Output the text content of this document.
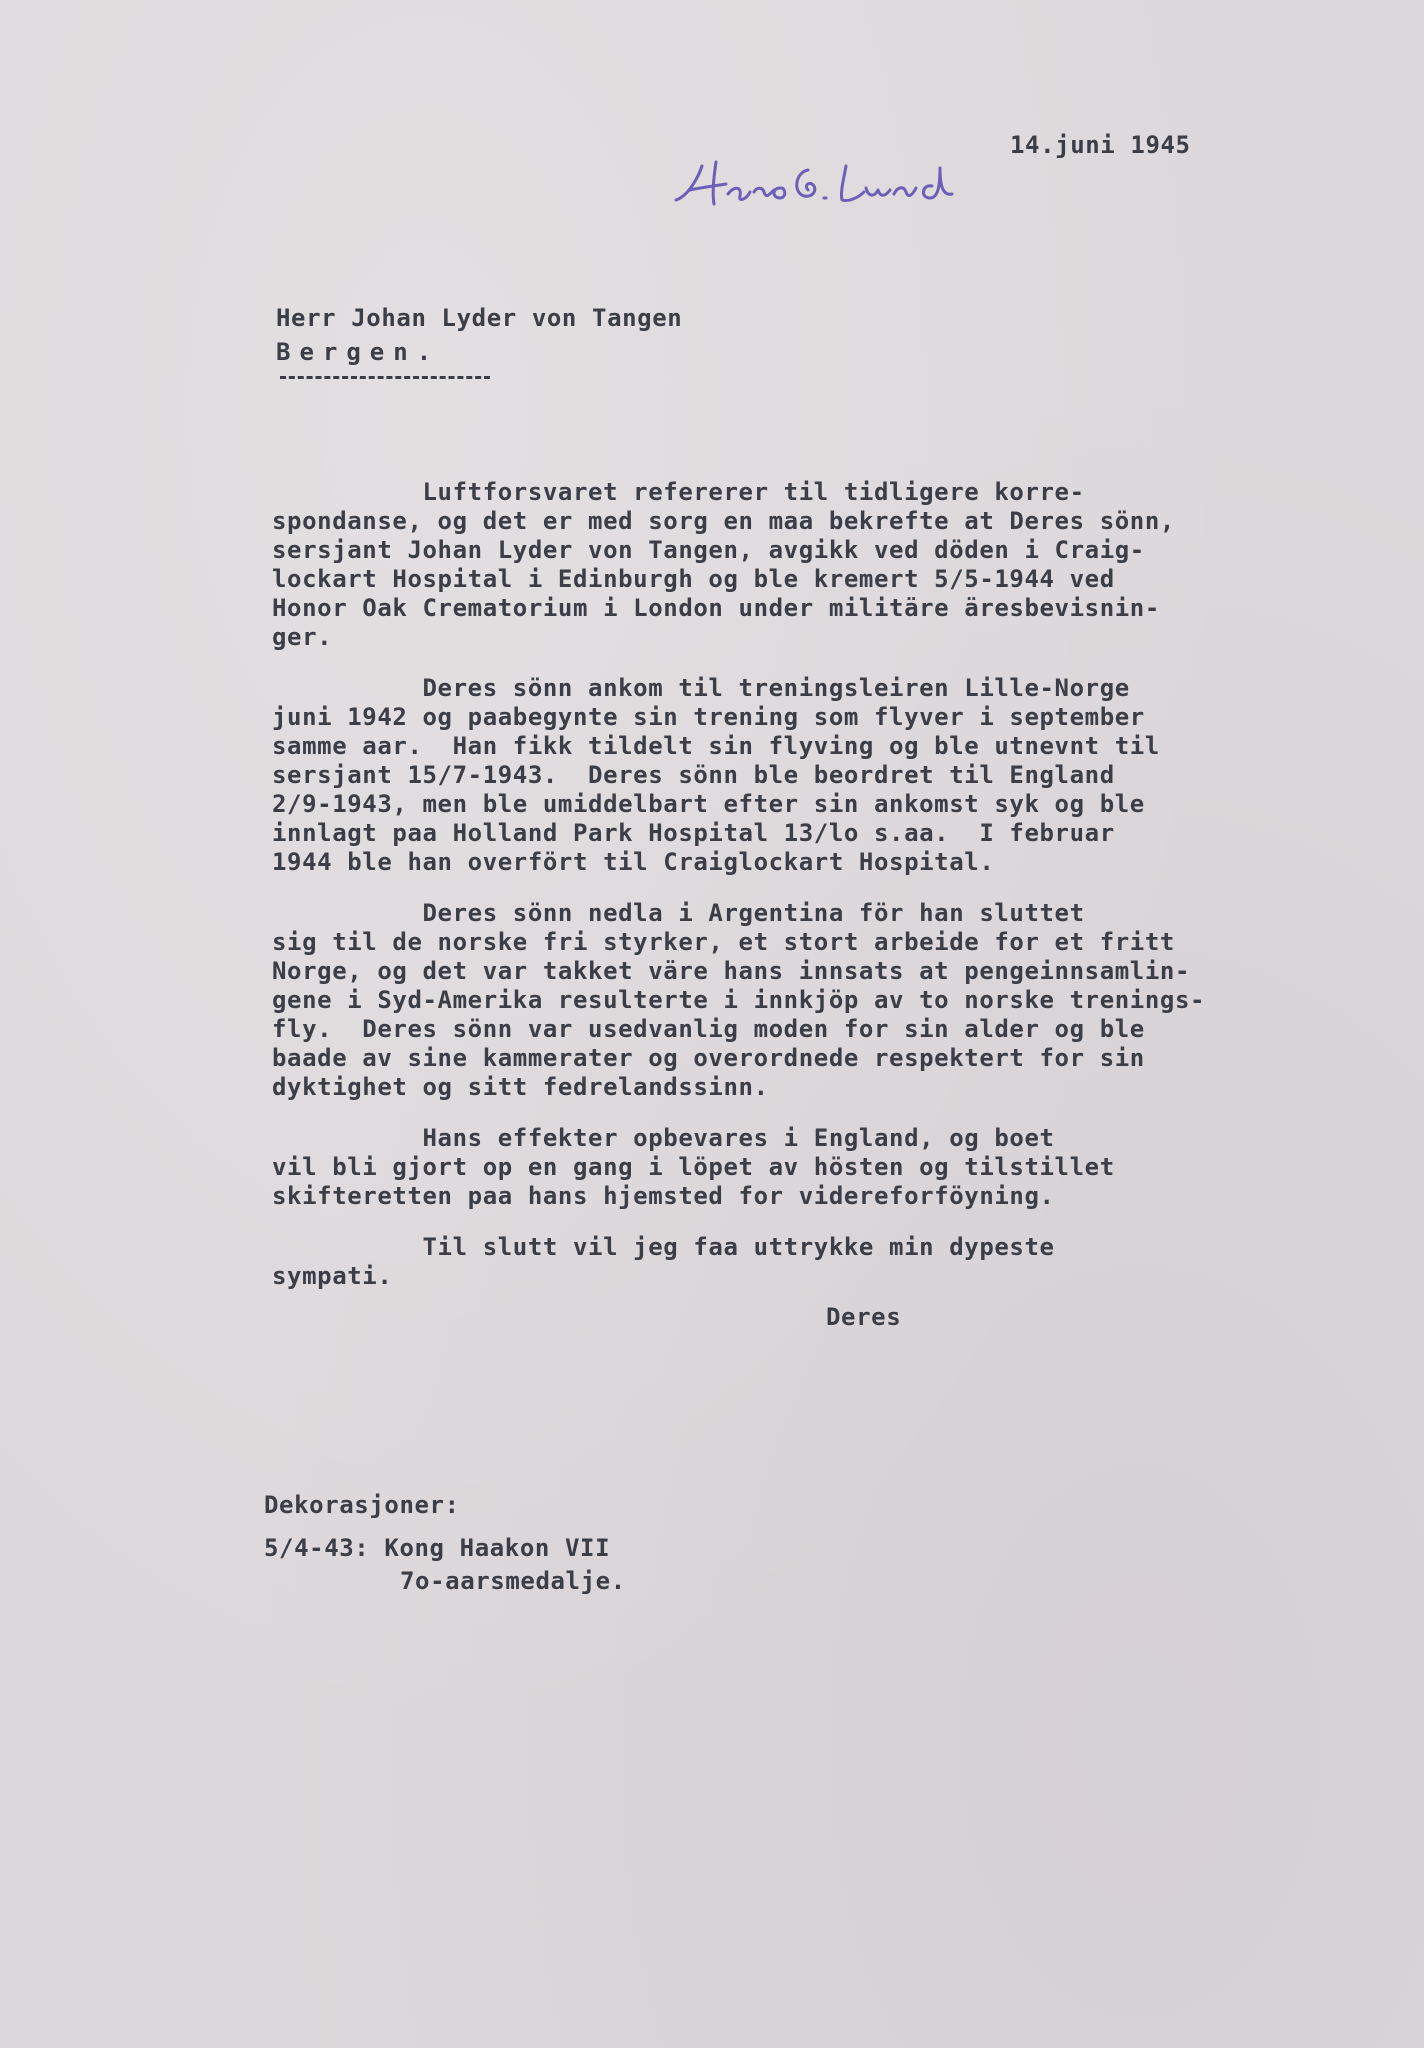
14.juni 1945

Herr Johan Lyder von Tangen

Bergen.

Luftforsvaret refererer til tidligere korre-
spondanse, og det er med sorg en maa bekrefte at Deres sönn,
sersjant Johan Lyder von Tangen, avgikk ved döden i Craig-
lockart Hospital i Edinburgh og ble kremert 5/5-1944 ved
Honor Oak Crematorium i London under militäre äresbevisnin-
ger.

Deres sönn ankom til treningsleiren Lille-Norge
juni 1942 og paabegynte sin trening som flyver i september
samme aar.  Han fikk tildelt sin flyving og ble utnevnt til
sersjant 15/7-1943.  Deres sönn ble beordret til England
2/9-1943, men ble umiddelbart efter sin ankomst syk og ble
innlagt paa Holland Park Hospital 13/lo s.aa.  I februar
1944 ble han overfört til Craiglockart Hospital.

Deres sönn nedla i Argentina för han sluttet
sig til de norske fri styrker, et stort arbeide for et fritt
Norge, og det var takket väre hans innsats at pengeinnsamlin-
gene i Syd-Amerika resulterte i innkjöp av to norske trenings-
fly.  Deres sönn var usedvanlig moden for sin alder og ble
baade av sine kammerater og overordnede respektert for sin
dyktighet og sitt fedrelandssinn.

Hans effekter opbevares i England, og boet
vil bli gjort op en gang i löpet av hösten og tilstillet
skifteretten paa hans hjemsted for videreforföyning.

Til slutt vil jeg faa uttrykke min dypeste
sympati.

Deres

Dekorasjoner:

5/4-43: Kong Haakon VII

7o-aarsmedalje.
